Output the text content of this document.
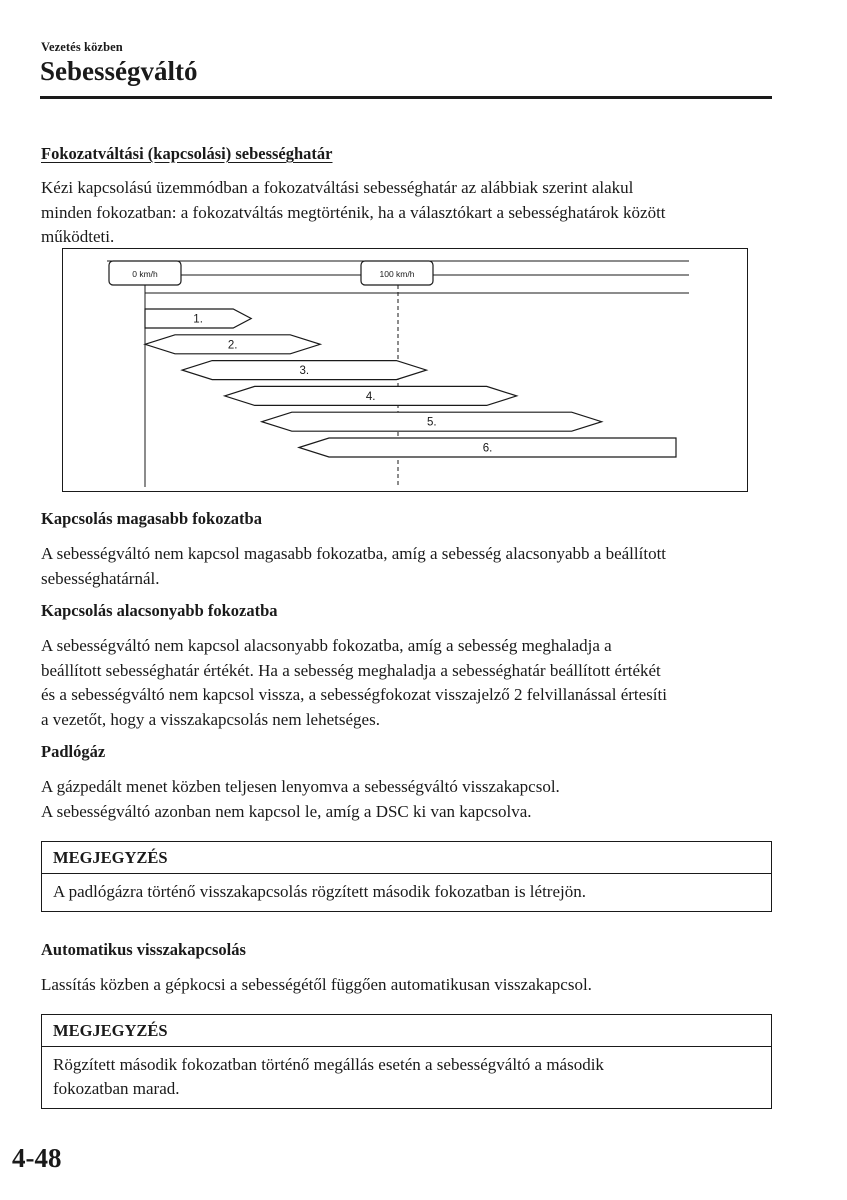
Vezetés közben
Sebességváltó
Fokozatváltási (kapcsolási) sebességhatár

Kézi kapcsolású üzemmódban a fokozatváltási sebességhatár az alábbiak szerint alakul
minden fokozatban: a fokozatváltás megtörténik, ha a választókart a sebességhatárok között
működteti.

0 km/h	100 km/h
1.
2.
3.
4.
5.
6.
Kapcsolás magasabb fokozatba

A sebességváltó nem kapcsol magasabb fokozatba, amíg a sebesség alacsonyabb a beállított
sebességhatárnál.

Kapcsolás alacsonyabb fokozatba

A sebességváltó nem kapcsol alacsonyabb fokozatba, amíg a sebesség meghaladja a
beállított sebességhatár értékét. Ha a sebesség meghaladja a sebességhatár beállított értékét
és a sebességváltó nem kapcsol vissza, a sebességfokozat visszajelző 2 felvillanással értesíti
a vezetőt, hogy a visszakapcsolás nem lehetséges.

Padlógáz

A gázpedált menet közben teljesen lenyomva a sebességváltó visszakapcsol.
A sebességváltó azonban nem kapcsol le, amíg a DSC ki van kapcsolva.

MEGJEGYZÉS
A padlógázra történő visszakapcsolás rögzített második fokozatban is létrejön.
Automatikus visszakapcsolás

Lassítás közben a gépkocsi a sebességétől függően automatikusan visszakapcsol.

MEGJEGYZÉS
Rögzített második fokozatban történő megállás esetén a sebességváltó a második
fokozatban marad.
4-48
